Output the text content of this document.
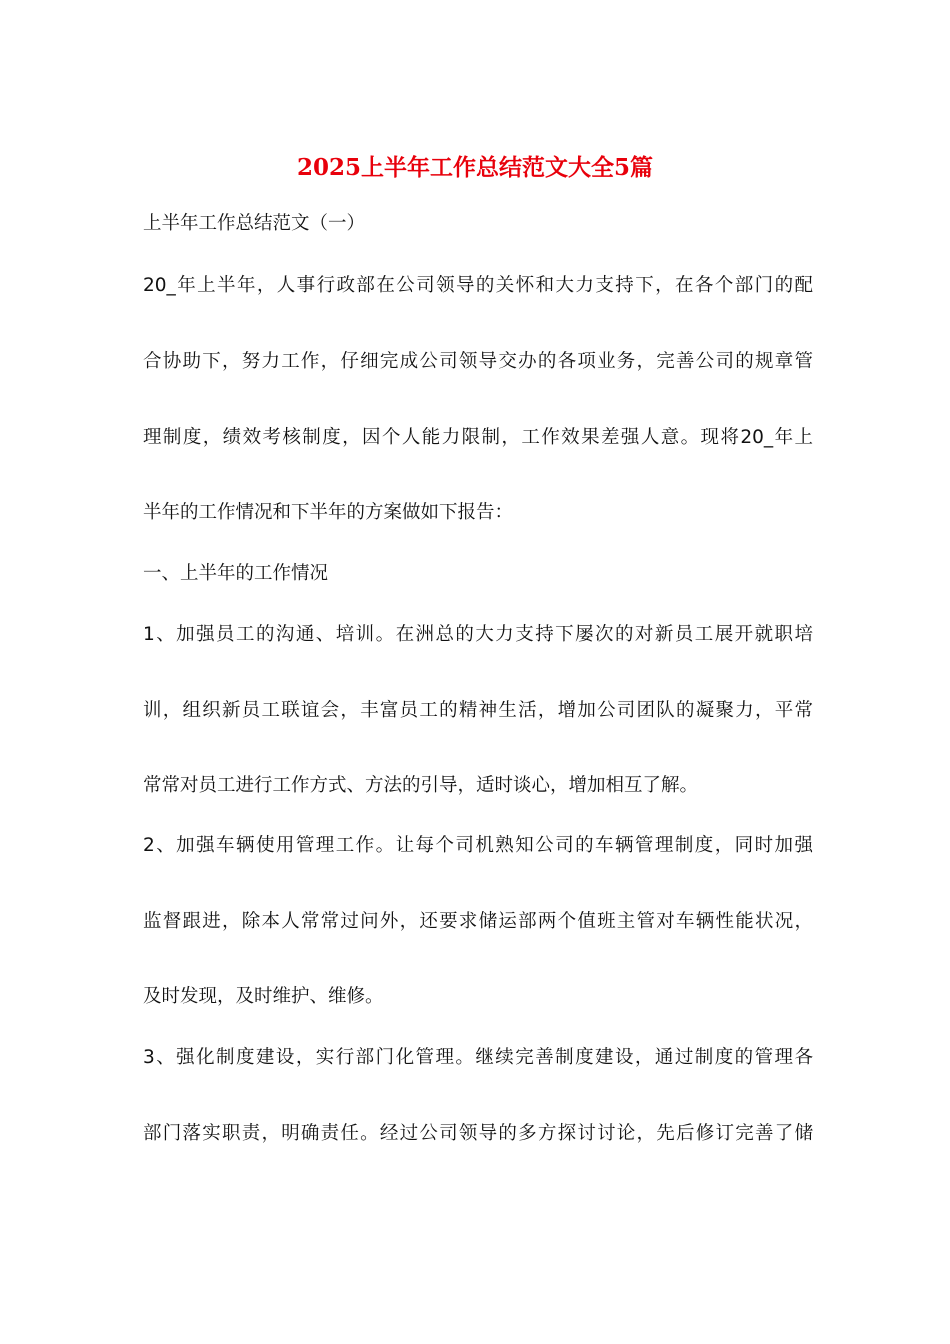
2025上半年工作总结范文大全5篇

上半年工作总结范文（一）

20_年上半年，人事行政部在公司领导的关怀和大力支持下，在各个部门的配

合协助下，努力工作，仔细完成公司领导交办的各项业务，完善公司的规章管

理制度，绩效考核制度，因个人能力限制，工作效果差强人意。现将20_年上

半年的工作情况和下半年的方案做如下报告：

一、上半年的工作情况

1、加强员工的沟通、培训。在洲总的大力支持下屡次的对新员工展开就职培

训，组织新员工联谊会，丰富员工的精神生活，增加公司团队的凝聚力，平常

常常对员工进行工作方式、方法的引导，适时谈心，增加相互了解。

2、加强车辆使用管理工作。让每个司机熟知公司的车辆管理制度，同时加强

监督跟进，除本人常常过问外，还要求储运部两个值班主管对车辆性能状况，

及时发现，及时维护、维修。

3、强化制度建设，实行部门化管理。继续完善制度建设，通过制度的管理各

部门落实职责，明确责任。经过公司领导的多方探讨讨论，先后修订完善了储
